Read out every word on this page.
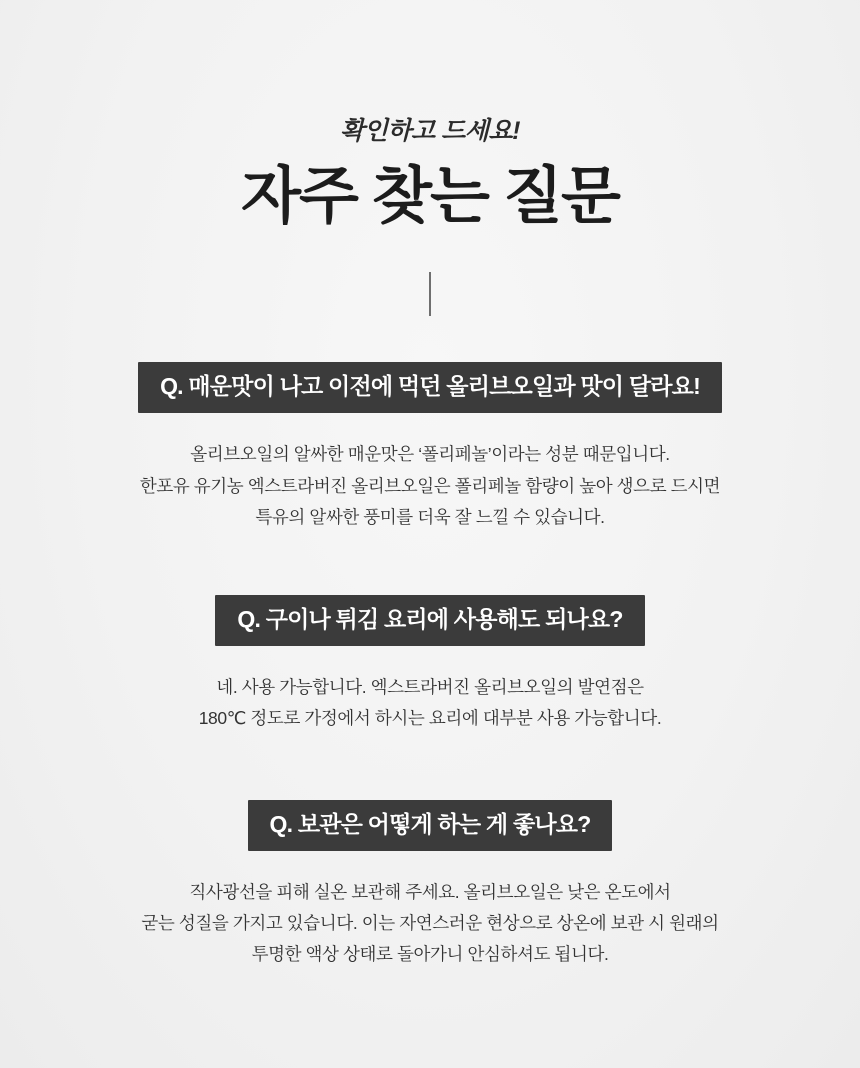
확인하고 드세요!
자주 찾는 질문
Q. 매운맛이 나고 이전에 먹던 올리브오일과 맛이 달라요!
올리브오일의 알싸한 매운맛은 ‘폴리페놀’이라는 성분 때문입니다.
한포유 유기농 엑스트라버진 올리브오일은 폴리페놀 함량이 높아 생으로 드시면
특유의 알싸한 풍미를 더욱 잘 느낄 수 있습니다.
Q. 구이나 튀김 요리에 사용해도 되나요?
네. 사용 가능합니다. 엑스트라버진 올리브오일의 발연점은
180℃ 정도로 가정에서 하시는 요리에 대부분 사용 가능합니다.
Q. 보관은 어떻게 하는 게 좋나요?
직사광선을 피해 실온 보관해 주세요. 올리브오일은 낮은 온도에서
굳는 성질을 가지고 있습니다. 이는 자연스러운 현상으로 상온에 보관 시 원래의
투명한 액상 상태로 돌아가니 안심하셔도 됩니다.
